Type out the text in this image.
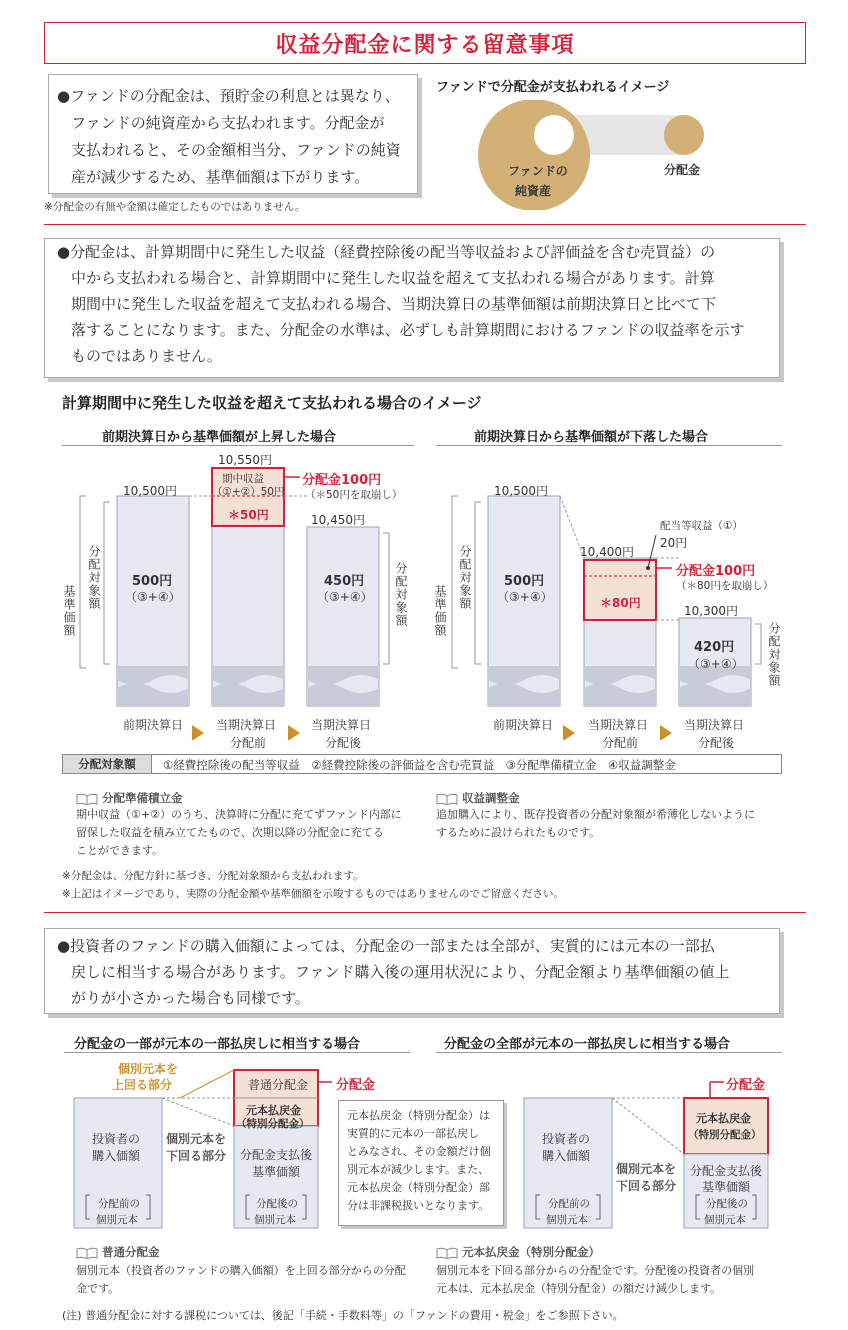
収益分配金に関する留意事項

●ファンドの分配金は、預貯金の利息とは異なり、

ファンドの純資産から支払われます。分配金が

支払われると、その金額相当分、ファンドの純資

産が減少するため、基準価額は下がります。

※分配金の有無や金額は確定したものではありません。
ファンドで分配金が支払われるイメージ
ファンドの
純資産
分配金

●分配金は、計算期間中に発生した収益（経費控除後の配当等収益および評価益を含む売買益）の

中から支払われる場合と、計算期間中に発生した収益を超えて支払われる場合があります。計算

期間中に発生した収益を超えて支払われる場合、当期決算日の基準価額は前期決算日と比べて下

落することになります。また、分配金の水準は、必ずしも計算期間におけるファンドの収益率を示す

ものではありません。

計算期間中に発生した収益を超えて支払われる場合のイメージ
前期決算日から基準価額が上昇した場合
10,500円
10,550円
10,450円
期中収益
（①+②）50円
＊50円
分配金100円
（＊50円を取崩し）
500円
（③+④）
450円
（③+④）
基準価額
分配対象額	分配対象額
前期決算日	当期決算日
分配前
当期決算日
分配後
前期決算日から基準価額が下落した場合
10,500円
10,400円
10,300円
配当等収益（①）
20円
＊80円
分配金100円
（＊80円を取崩し）
500円
（③+④）
420円
（③+④）
基準価額
分配対象額
分配対象額
前期決算日	当期決算日
分配前
当期決算日
分配後
分配対象額	①経費控除後の配当等収益　②経費控除後の評価益を含む売買益　③分配準備積立金　④収益調整金
分配準備積立金
期中収益（①+②）のうち、決算時に分配に充てずファンド内部に
留保した収益を積み立てたもので、次期以降の分配金に充てる
ことができます。
収益調整金
追加購入により、既存投資者の分配対象額が希薄化しないように
するために設けられたものです。
※分配金は、分配方針に基づき、分配対象額から支払われます。
※上記はイメージであり、実際の分配金額や基準価額を示唆するものではありませんのでご留意ください。

●投資者のファンドの購入価額によっては、分配金の一部または全部が、実質的には元本の一部払

戻しに相当する場合があります。ファンド購入後の運用状況により、分配金額より基準価額の値上

がりが小さかった場合も同様です。

分配金の一部が元本の一部払戻しに相当する場合	分配金の全部が元本の一部払戻しに相当する場合
個別元本を
上回る部分
個別元本を
下回る部分
投資者の
購入価額
分配前の
個別元本
普通分配金
元本払戻金
（特別分配金）
分配金支払後
基準価額
分配後の
個別元本
分配金
元本払戻金（特別分配金）は
実質的に元本の一部払戻し
とみなされ、その金額だけ個
別元本が減少します。また、
元本払戻金（特別分配金）部
分は非課税扱いとなります。
投資者の
購入価額
分配前の
個別元本
個別元本を
下回る部分
元本払戻金
（特別分配金）
分配金支払後
基準価額
分配後の
個別元本
分配金
普通分配金
個別元本（投資者のファンドの購入価額）を上回る部分からの分配
金です。
元本払戻金（特別分配金）
個別元本を下回る部分からの分配金です。分配後の投資者の個別
元本は、元本払戻金（特別分配金）の額だけ減少します。
(注) 普通分配金に対する課税については、後記「手続・手数料等」の「ファンドの費用・税金」をご参照下さい。
